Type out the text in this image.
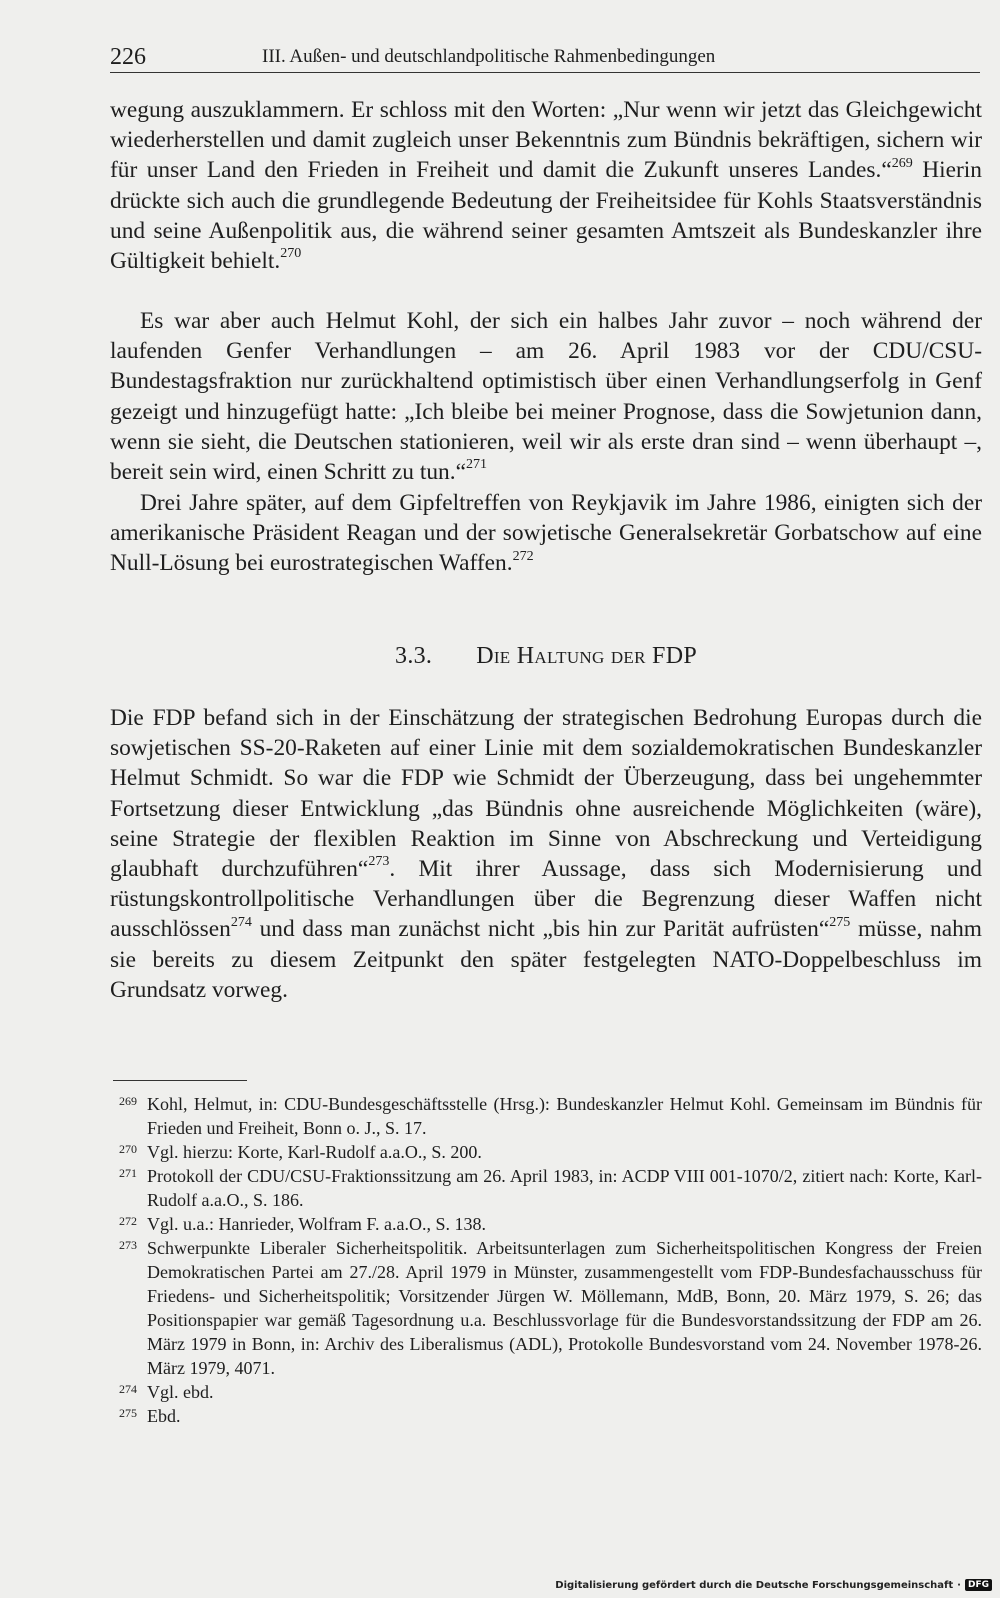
226	III. Außen- und deutschlandpolitische Rahmenbedingungen

wegung auszuklammern. Er schloss mit den Worten: „Nur wenn wir jetzt das Gleichgewicht wiederherstellen und damit zugleich unser Bekenntnis zum Bündnis bekräftigen, sichern wir für unser Land den Frieden in Freiheit und damit die Zukunft unseres Landes.“$^{269}$ Hierin drückte sich auch die grundlegende Bedeutung der Freiheitsidee für Kohls Staatsverständnis und seine Außenpolitik aus, die während seiner gesamten Amtszeit als Bundeskanzler ihre Gültigkeit behielt.$^{270}$

Es war aber auch Helmut Kohl, der sich ein halbes Jahr zuvor – noch während der laufenden Genfer Verhandlungen – am 26. April 1983 vor der CDU/CSU-Bundestagsfraktion nur zurückhaltend optimistisch über einen Verhandlungserfolg in Genf gezeigt und hinzugefügt hatte: „Ich bleibe bei meiner Prognose, dass die Sowjetunion dann, wenn sie sieht, die Deutschen stationieren, weil wir als erste dran sind – wenn überhaupt –, bereit sein wird, einen Schritt zu tun.“$^{271}$

Drei Jahre später, auf dem Gipfeltreffen von Reykjavik im Jahre 1986, einigten sich der amerikanische Präsident Reagan und der sowjetische Generalsekretär Gorbatschow auf eine Null-Lösung bei eurostrategischen Waffen.$^{272}$

3.3. Die Haltung der FDP

Die FDP befand sich in der Einschätzung der strategischen Bedrohung Europas durch die sowjetischen SS-20-Raketen auf einer Linie mit dem sozialdemokratischen Bundeskanzler Helmut Schmidt. So war die FDP wie Schmidt der Überzeugung, dass bei ungehemmter Fortsetzung dieser Entwicklung „das Bündnis ohne ausreichende Möglichkeiten (wäre), seine Strategie der flexiblen Reaktion im Sinne von Abschreckung und Verteidigung glaubhaft durchzuführen“$^{273}$. Mit ihrer Aussage, dass sich Modernisierung und rüstungskontrollpolitische Verhandlungen über die Begrenzung dieser Waffen nicht ausschlössen$^{274}$ und dass man zunächst nicht „bis hin zur Parität aufrüsten“$^{275}$ müsse, nahm sie bereits zu diesem Zeitpunkt den später festgelegten NATO-Doppelbeschluss im Grundsatz vorweg.

269 Kohl, Helmut, in: CDU-Bundesgeschäftsstelle (Hrsg.): Bundeskanzler Helmut Kohl. Gemeinsam im Bündnis für Frieden und Freiheit, Bonn o. J., S. 17.
270 Vgl. hierzu: Korte, Karl-Rudolf a.a.O., S. 200.
271 Protokoll der CDU/CSU-Fraktionssitzung am 26. April 1983, in: ACDP VIII 001-1070/2, zitiert nach: Korte, Karl-Rudolf a.a.O., S. 186.
272 Vgl. u.a.: Hanrieder, Wolfram F. a.a.O., S. 138.
273 Schwerpunkte Liberaler Sicherheitspolitik. Arbeitsunterlagen zum Sicherheitspolitischen Kongress der Freien Demokratischen Partei am 27./28. April 1979 in Münster, zusammengestellt vom FDP-Bundesfachausschuss für Friedens- und Sicherheitspolitik; Vorsitzender Jürgen W. Möllemann, MdB, Bonn, 20. März 1979, S. 26; das Positionspapier war gemäß Tagesordnung u.a. Beschlussvorlage für die Bundesvorstandssitzung der FDP am 26. März 1979 in Bonn, in: Archiv des Liberalismus (ADL), Protokolle Bundesvorstand vom 24. November 1978-26. März 1979, 4071.
274 Vgl. ebd.
275 Ebd.
Digitalisierung gefördert durch die Deutsche Forschungsgemeinschaft · DFG
